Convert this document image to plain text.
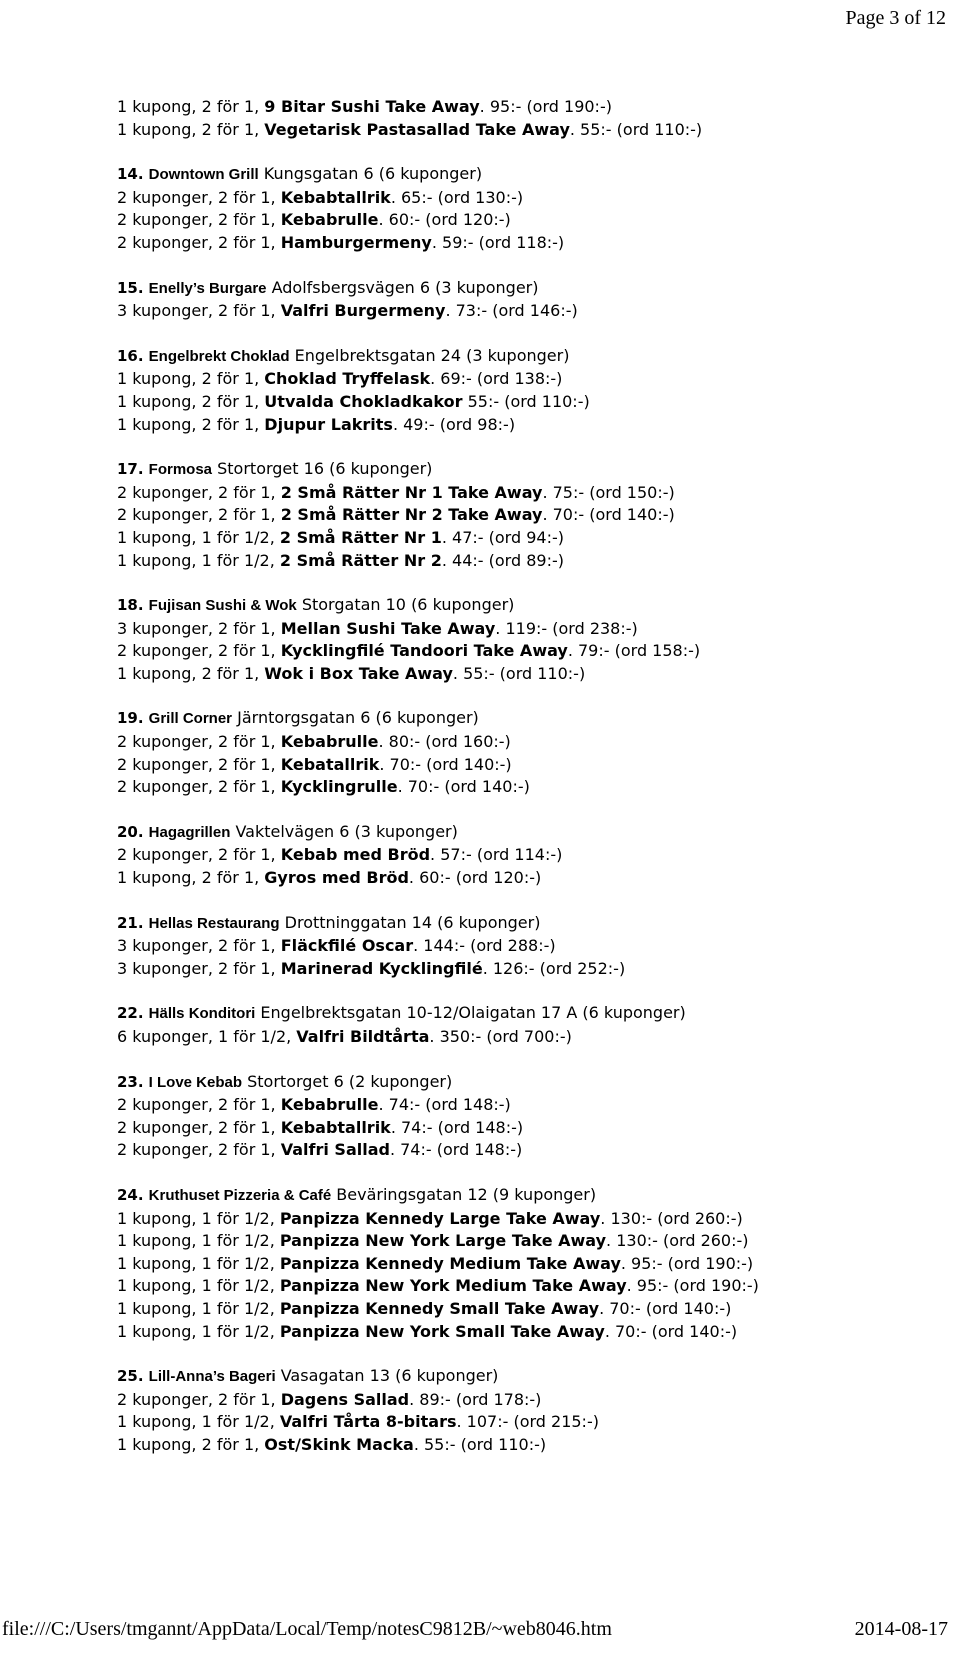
Page 3 of 12
1 kupong, 2 för 1, 9 Bitar Sushi Take Away. 95:- (ord 190:-)
1 kupong, 2 för 1, Vegetarisk Pastasallad Take Away. 55:- (ord 110:-)
14. Downtown Grill Kungsgatan 6 (6 kuponger)
2 kuponger, 2 för 1, Kebabtallrik. 65:- (ord 130:-)
2 kuponger, 2 för 1, Kebabrulle. 60:- (ord 120:-)
2 kuponger, 2 för 1, Hamburgermeny. 59:- (ord 118:-)
15. Enelly’s Burgare Adolfsbergsvägen 6 (3 kuponger)
3 kuponger, 2 för 1, Valfri Burgermeny. 73:- (ord 146:-)
16. Engelbrekt Choklad Engelbrektsgatan 24 (3 kuponger)
1 kupong, 2 för 1, Choklad Tryffelask. 69:- (ord 138:-)
1 kupong, 2 för 1, Utvalda Chokladkakor 55:- (ord 110:-)
1 kupong, 2 för 1, Djupur Lakrits. 49:- (ord 98:-)
17. Formosa Stortorget 16 (6 kuponger)
2 kuponger, 2 för 1, 2 Små Rätter Nr 1 Take Away. 75:- (ord 150:-)
2 kuponger, 2 för 1, 2 Små Rätter Nr 2 Take Away. 70:- (ord 140:-)
1 kupong, 1 för 1/2, 2 Små Rätter Nr 1. 47:- (ord 94:-)
1 kupong, 1 för 1/2, 2 Små Rätter Nr 2. 44:- (ord 89:-)
18. Fujisan Sushi & Wok Storgatan 10 (6 kuponger)
3 kuponger, 2 för 1, Mellan Sushi Take Away. 119:- (ord 238:-)
2 kuponger, 2 för 1, Kycklingfilé Tandoori Take Away. 79:- (ord 158:-)
1 kupong, 2 för 1, Wok i Box Take Away. 55:- (ord 110:-)
19. Grill Corner Järntorgsgatan 6 (6 kuponger)
2 kuponger, 2 för 1, Kebabrulle. 80:- (ord 160:-)
2 kuponger, 2 för 1, Kebatallrik. 70:- (ord 140:-)
2 kuponger, 2 för 1, Kycklingrulle. 70:- (ord 140:-)
20. Hagagrillen Vaktelvägen 6 (3 kuponger)
2 kuponger, 2 för 1, Kebab med Bröd. 57:- (ord 114:-)
1 kupong, 2 för 1, Gyros med Bröd. 60:- (ord 120:-)
21. Hellas Restaurang Drottninggatan 14 (6 kuponger)
3 kuponger, 2 för 1, Fläckfilé Oscar. 144:- (ord 288:-)
3 kuponger, 2 för 1, Marinerad Kycklingfilé. 126:- (ord 252:-)
22. Hälls Konditori Engelbrektsgatan 10-12/Olaigatan 17 A (6 kuponger)
6 kuponger, 1 för 1/2, Valfri Bildtårta. 350:- (ord 700:-)
23. I Love Kebab Stortorget 6 (2 kuponger)
2 kuponger, 2 för 1, Kebabrulle. 74:- (ord 148:-)
2 kuponger, 2 för 1, Kebabtallrik. 74:- (ord 148:-)
2 kuponger, 2 för 1, Valfri Sallad. 74:- (ord 148:-)
24. Kruthuset Pizzeria & Café Beväringsgatan 12 (9 kuponger)
1 kupong, 1 för 1/2, Panpizza Kennedy Large Take Away. 130:- (ord 260:-)
1 kupong, 1 för 1/2, Panpizza New York Large Take Away. 130:- (ord 260:-)
1 kupong, 1 för 1/2, Panpizza Kennedy Medium Take Away. 95:- (ord 190:-)
1 kupong, 1 för 1/2, Panpizza New York Medium Take Away. 95:- (ord 190:-)
1 kupong, 1 för 1/2, Panpizza Kennedy Small Take Away. 70:- (ord 140:-)
1 kupong, 1 för 1/2, Panpizza New York Small Take Away. 70:- (ord 140:-)
25. Lill-Anna’s Bageri Vasagatan 13 (6 kuponger)
2 kuponger, 2 för 1, Dagens Sallad. 89:- (ord 178:-)
1 kupong, 1 för 1/2, Valfri Tårta 8-bitars. 107:- (ord 215:-)
1 kupong, 2 för 1, Ost/Skink Macka. 55:- (ord 110:-)
file:///C:/Users/tmgannt/AppData/Local/Temp/notesC9812B/~web8046.htm	2014-08-17
